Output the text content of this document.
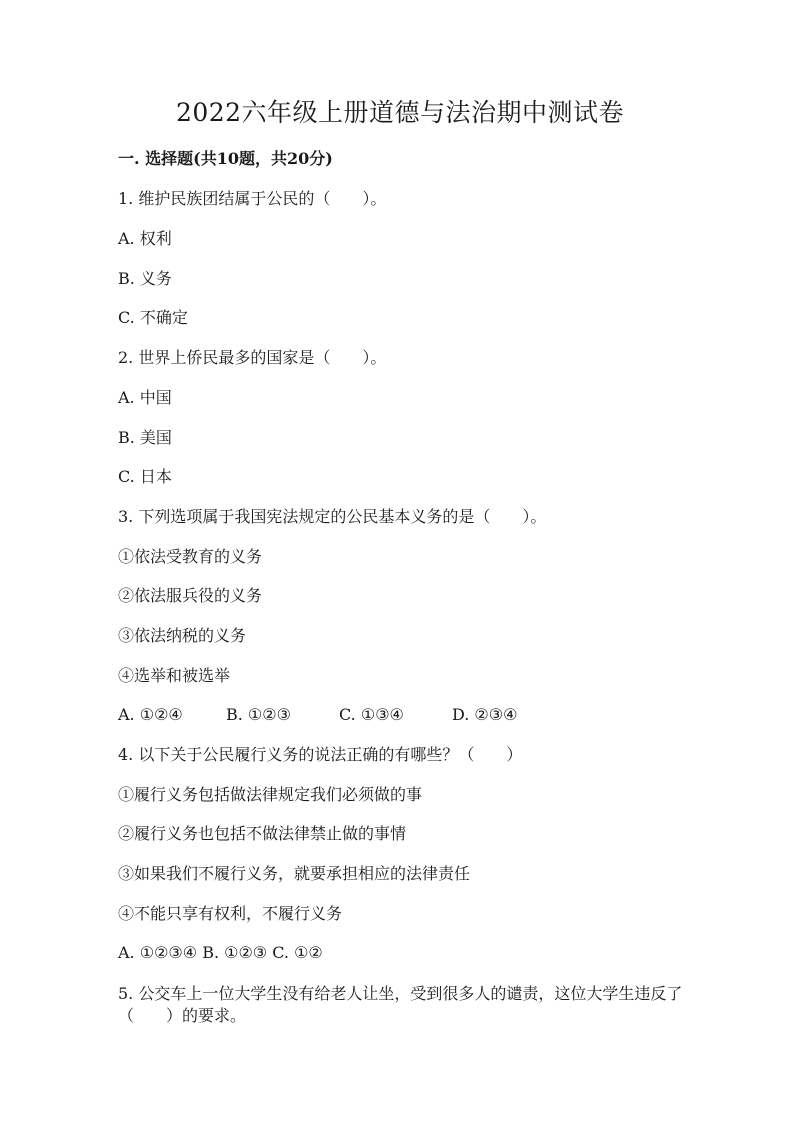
2022六年级上册道德与法治期中测试卷
一. 选择题(共10题，共20分)
1. 维护民族团结属于公民的（　　）。
A. 权利
B. 义务
C. 不确定
2. 世界上侨民最多的国家是（　　）。
A. 中国
B. 美国
C. 日本
3. 下列选项属于我国宪法规定的公民基本义务的是（　　）。
①依法受教育的义务
②依法服兵役的义务
③依法纳税的义务
④选举和被选举
A. ①②④	B. ①②③	C. ①③④	D. ②③④
4. 以下关于公民履行义务的说法正确的有哪些？（　　）
①履行义务包括做法律规定我们必须做的事
②履行义务也包括不做法律禁止做的事情
③如果我们不履行义务，就要承担相应的法律责任
④不能只享有权利，不履行义务
A. ①②③④ B. ①②③ C. ①②
5. 公交车上一位大学生没有给老人让坐，受到很多人的谴责，这位大学生违反了（　　）的要求。
